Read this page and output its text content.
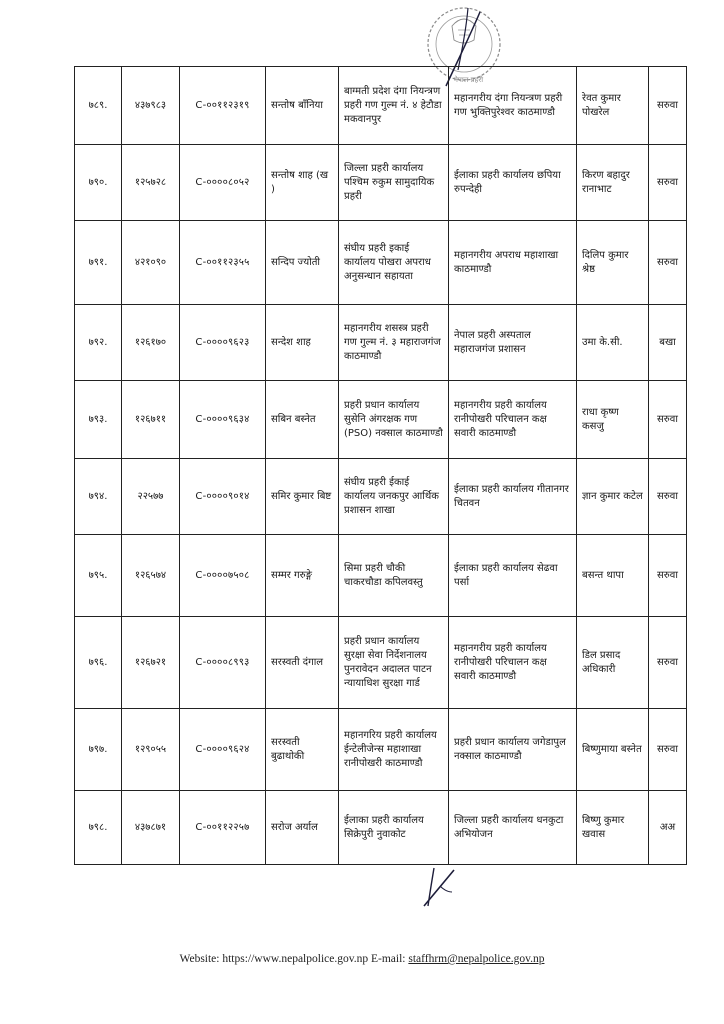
नेपाल प्रहरी
७८९.	४३७९८३	C-००११२३१९	सन्तोष बाँनिया	बाग्मती प्रदेश दंगा नियन्त्रण प्रहरी गण गुल्म नं. ४ हेटौडा मकवानपुर	महानगरीय दंगा नियन्त्रण प्रहरी गण भुक्तिपुरेश्वर काठमाण्डौ	रेवत कुमार पोखरेल	सरुवा
७९०.	१२५७२८	C-००००८०५२	सन्तोष शाह (ख )	जिल्ला प्रहरी कार्यालय पश्चिम रुकुम सामुदायिक प्रहरी	ईलाका प्रहरी कार्यालय छपिया रुपन्देही	किरण बहादुर रानाभाट	सरुवा
७९१.	४२१०९०	C-००११२३५५	सन्दिप ज्योती	संघीय प्रहरी इकाई कार्यालय पोखरा अपराध अनुसन्धान सहायता	महानगरीय अपराध महाशाखा काठमाण्डौ	दिलिप कुमार श्रेष्ठ	सरुवा
७९२.	१२६१७०	C-००००९६२३	सन्देश शाह	महानगरीय शसस्त्र प्रहरी गण गुल्म नं. ३ महाराजगंज काठमाण्डौ	नेपाल प्रहरी अस्पताल महाराजगंज प्रशासन	उमा के.सी.	बखा
७९३.	१२६७११	C-००००९६३४	सबिन बस्नेत	प्रहरी प्रधान कार्यालय सुसेनि अंगरक्षक गण (PSO) नक्साल काठमाण्डौ	महानगरीय प्रहरी कार्यालय रानीपोखरी परिचालन कक्ष सवारी काठमाण्डौ	राधा कृष्ण कसजु	सरुवा
७९४.	२२५७७	C-००००९०१४	समिर कुमार बिष्ट	संघीय प्रहरी ईकाई कार्यालय जनकपुर आर्थिक प्रशासन शाखा	ईलाका प्रहरी कार्यालय गीतानगर चितवन	ज्ञान कुमार कटेल	सरुवा
७९५.	१२६५७४	C-००००७५०८	सम्मर गरुङ्गे	सिमा प्रहरी चौकी चाकरचौडा कपिलवस्तु	ईलाका प्रहरी कार्यालय सेढवा पर्सा	बसन्त थापा	सरुवा
७९६.	१२६७२१	C-००००८९९३	सरस्वती दंगाल	प्रहरी प्रधान कार्यालय सुरक्षा सेवा निर्देशनालय पुनरावेदन अदालत पाटन न्यायाधिश सुरक्षा गार्ड	महानगरीय प्रहरी कार्यालय रानीपोखरी परिचालन कक्ष सवारी काठमाण्डौ	डिल प्रसाद अधिकारी	सरुवा
७९७.	१२९०५५	C-००००९६२४	सरस्वती बुढाथोकी	महानगरिय प्रहरी कार्यालय ईन्टेलीजेन्स महाशाखा रानीपोखरी काठमाण्डौ	प्रहरी प्रधान कार्यालय जगेडापुल नक्साल काठमाण्डौ	बिष्णुमाया बस्नेत	सरुवा
७९८.	४३७८७१	C-००११२२५७	सरोज अर्याल	ईलाका प्रहरी कार्यालय सिक्रेपुरी नुवाकोट	जिल्ला प्रहरी कार्यालय धनकुटा अभियोजन	बिष्णु कुमार खवास	अअ
Website: https://www.nepalpolice.gov.np E-mail: staffhrm@nepalpolice.gov.np
